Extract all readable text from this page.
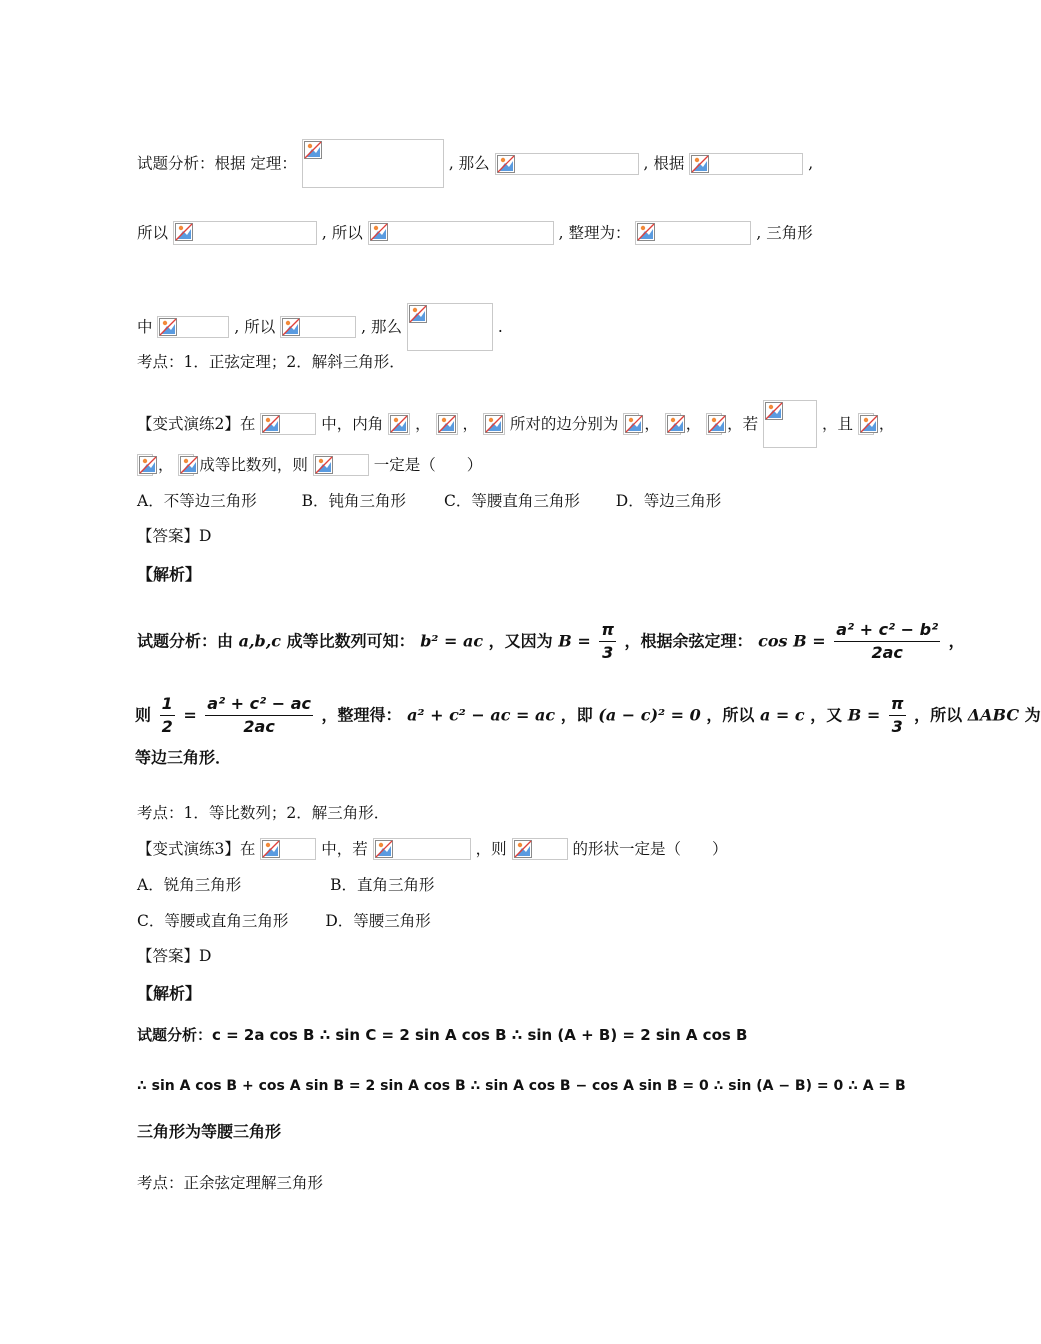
试题分析：根据 定理：	, 那么	, 根据	,
所以	, 所以	, 整理为：	, 三角形
中	, 所以	, 那么	.
考点：1．正弦定理；2．解斜三角形．
【变式演练2】在	中，内角 ， ， 所对的边分别为 ， ， ，若	，且 ，
， 成等比数列，则	一定是（　　）
A．不等边三角形	B．钝角三角形 C．等腰直角三角形 D．等边三角形
【答案】D
【解析】
试题分析：由 a,b,c 成等比数列可知： b² = ac ，又因为 $B = \frac{\pi}{3}$ ，根据余弦定理： $\cos B = \frac{\text{a² + c² − b²}}{2ac}$ ，
则 $\frac{1}{2} = \frac{\text{a² + c² − ac}}{2ac}$ ，整理得： a² + c² − ac = ac ，即 (a − c)² = 0 ，所以 a = c ，又 $B = \frac{\pi}{3}$ ，所以 ΔABC 为
等边三角形．
考点：1．等比数列；2．解三角形．
【变式演练3】在	中，若	，则	的形状一定是（　　）
A．锐角三角形	B．直角三角形
C．等腰或直角三角形 D．等腰三角形
【答案】D
【解析】
试题分析：c = 2a cos B ∴ sin C = 2 sin A cos B ∴ sin (A + B) = 2 sin A cos B
∴ sin A cos B + cos A sin B = 2 sin A cos B ∴ sin A cos B − cos A sin B = 0 ∴ sin (A − B) = 0 ∴ A = B
三角形为等腰三角形
考点：正余弦定理解三角形
